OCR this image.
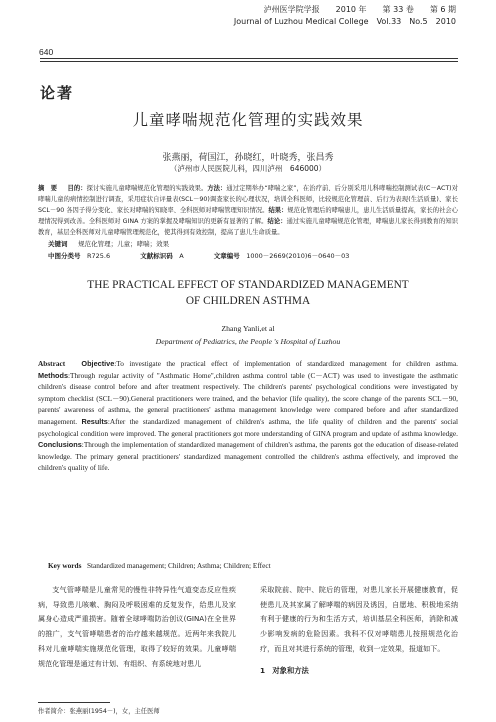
泸州医学院学报　　2010 年　　第 33 卷　　第 6 期
Journal of Luzhou Medical College　Vol.33　No.5　2010
640
论著
儿童哮喘规范化管理的实践效果
张燕丽，荷国江，孙晓红，叶晓秀，张昌秀
（泸州市人民医院儿科，四川泸州　646000）
摘　要 　 目的：探讨实施儿童哮喘规范化管理的实践效果。方法：通过定期举办“哮喘之家”，在治疗前、后分别采用儿科哮喘控制测试表(C－ACT)对哮喘儿童的病情控制进行调查，采用症状自评量表(SCL－90)调查家长的心理状况，培训全科医师，比较规范化管理前、后行为表现(生活质量)、家长 SCL－90 各因子得分变化、家长对哮喘的知晓率、全科医师对哮喘管理知识情况。结果：规范化管理后的哮喘患儿，患儿生活质量提高，家长的社会心理情况得到改善。全科医师对 GINA 方案的掌握及哮喘知识的更新有显著的了解。结论：通过实施儿童哮喘规范化管理，哮喘患儿家长得到教育的知识教育，基层全科医师对儿童哮喘管理规范化，使其得到有效控制，提高了患儿生命质量。
关键词 　 规范化管理；儿童；哮喘；效果
中图分类号　 R725.6	文献标识码　 A	文章编号　 1000－2669(2010)6－0640－03
THE PRACTICAL EFFECT OF STANDARDIZED MANAGEMENT
OF CHILDREN ASTHMA
Zhang Yanli,et al
Department of Pediatrics, the People 's Hospital of Luzhou
Abstract Objective:To investigate the practical effect of implementation of standardized management for children asthma. Methods:Through regular activity of "Asthmatic Home",children asthma control table (C－ACT) was used to investigate the asthmatic children's disease control before and after treatment respectively. The children's parents' psychological conditions were investigated by symptom checklist (SCL－90).General practitioners were trained, and the behavior (life quality), the score change of the parents SCL－90, parents' awareness of asthma, the general practitioners' asthma management knowledge were compared before and after standardized management. Results:After the standardized management of children's asthma, the life quality of children and the parents' social psychological condition were improved. The general practitioners got more understanding of GINA program and update of asthma knowledge. Conclusions:Through the implementation of standardized management of children's asthma, the parents got the education of disease-related knowledge. The primary general practitioners' standardized management controlled the children's asthma effectively, and improved the children's quality of life.
Key words Standardized management; Children; Asthma; Children; Effect
支气管哮喘是儿童常见的慢性非特异性气道变态反应性疾病，导致患儿咳嗽、胸闷及呼吸困难的反复发作，给患儿及家属身心造成严重损害。随着全球哮喘防治创议(GINA)在全世界的推广，支气管哮喘患者的治疗越来越规范。近两年来我院儿科对儿童哮喘实施规范化管理，取得了较好的效果。儿童哮喘规范化管理是通过有计划、有组织、有系统地对患儿
采取院前、院中、院后的管理，对患儿家长开展健康教育，促使患儿及其家属了解哮喘的病因及诱因，自愿地、积极地采纳有利于健康的行为和生活方式，培训基层全科医师，消除和减少影响发病的危险因素。我科不仅对哮喘患儿按照规范化治疗，而且对其进行系统的管理，收到一定效果，报道如下。
1　对象和方法
作者简介：张燕丽(1954－)，女，主任医师
